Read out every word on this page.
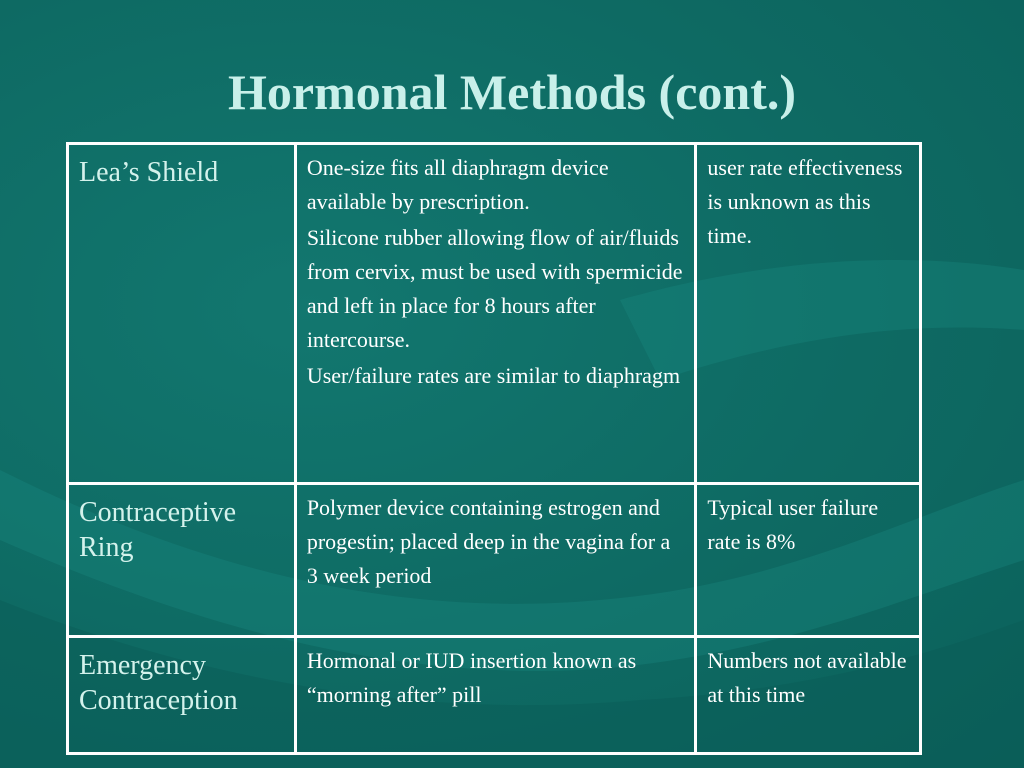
Hormonal Methods (cont.)
Lea’s Shield	One-size fits all diaphragm device available by prescription.
Silicone rubber allowing flow of air/fluids from cervix, must be used with spermicide and left in place for 8 hours after intercourse.
User/failure rates are similar to diaphragm	user rate effectiveness is unknown as this time.
Contraceptive Ring	Polymer device containing estrogen and progestin; placed deep in the vagina for a 3 week period	Typical user failure rate is 8%
Emergency Contraception	Hormonal or IUD insertion known as “morning after” pill	Numbers not available at this time
